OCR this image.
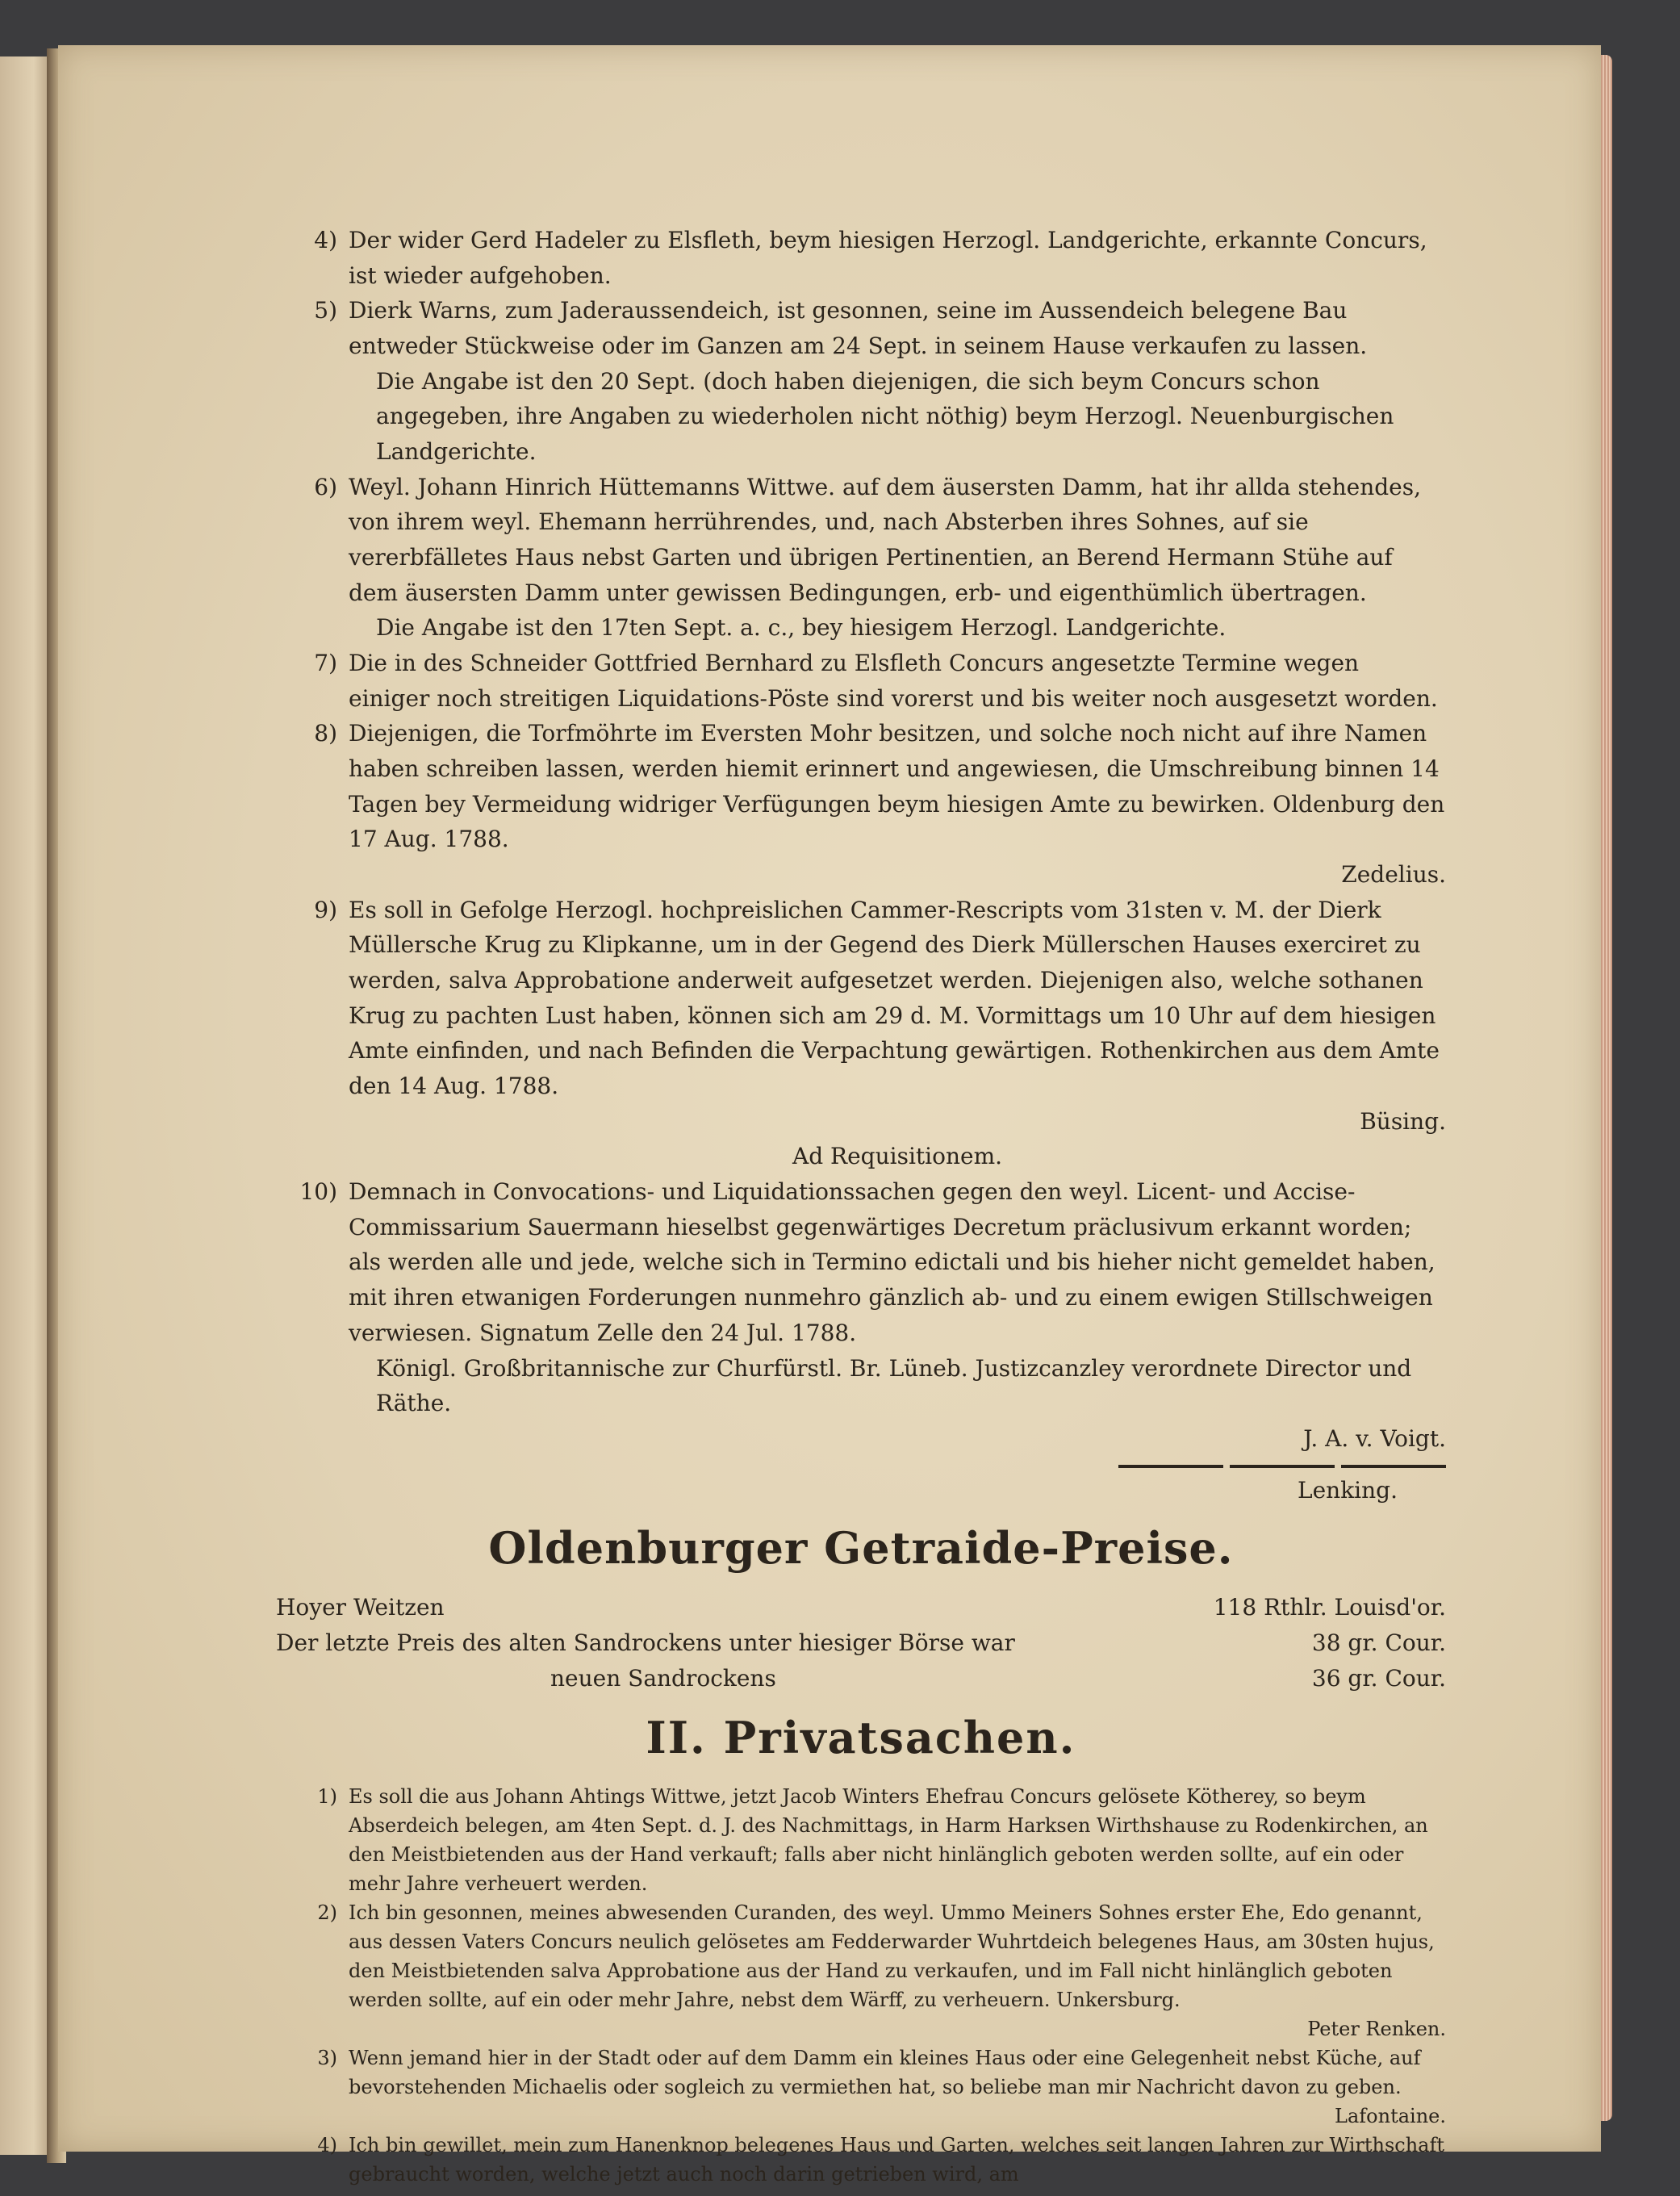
4) Der wider Gerd Hadeler zu Elsfleth, beym hiesigen Herzogl. Landgerichte, erkannte Concurs, ist wieder aufgehoben.

5) Dierk Warns, zum Jaderaussendeich, ist gesonnen, seine im Aussendeich belegene Bau entweder Stückweise oder im Ganzen am 24 Sept. in seinem Hause verkaufen zu lassen.

Die Angabe ist den 20 Sept. (doch haben diejenigen, die sich beym Concurs schon angegeben, ihre Angaben zu wiederholen nicht nöthig) beym Herzogl. Neuenburgischen Landgerichte.

6) Weyl. Johann Hinrich Hüttemanns Wittwe. auf dem äusersten Damm, hat ihr allda stehendes, von ihrem weyl. Ehemann herrührendes, und, nach Absterben ihres Sohnes, auf sie vererbfälletes Haus nebst Garten und übrigen Pertinentien, an Berend Hermann Stühe auf dem äusersten Damm unter gewissen Bedingungen, erb- und eigenthümlich übertragen.

Die Angabe ist den 17ten Sept. a. c., bey hiesigem Herzogl. Landgerichte.

7) Die in des Schneider Gottfried Bernhard zu Elsfleth Concurs angesetzte Termine wegen einiger noch streitigen Liquidations-Pöste sind vorerst und bis weiter noch ausgesetzt worden.

8) Diejenigen, die Torfmöhrte im Eversten Mohr besitzen, und solche noch nicht auf ihre Namen haben schreiben lassen, werden hiemit erinnert und angewiesen, die Umschreibung binnen 14 Tagen bey Vermeidung widriger Verfügungen beym hiesigen Amte zu bewirken. Oldenburg den 17 Aug. 1788.

Zedelius.

9) Es soll in Gefolge Herzogl. hochpreislichen Cammer-Rescripts vom 31sten v. M. der Dierk Müllersche Krug zu Klipkanne, um in der Gegend des Dierk Müllerschen Hauses exerciret zu werden, salva Approbatione anderweit aufgesetzet werden. Diejenigen also, welche sothanen Krug zu pachten Lust haben, können sich am 29 d. M. Vormittags um 10 Uhr auf dem hiesigen Amte einfinden, und nach Befinden die Verpachtung gewärtigen. Rothenkirchen aus dem Amte den 14 Aug. 1788.

Büsing.

Ad Requisitionem.

10) Demnach in Convocations- und Liquidationssachen gegen den weyl. Licent- und Accise-Commissarium Sauermann hieselbst gegenwärtiges Decretum präclusivum erkannt worden; als werden alle und jede, welche sich in Termino edictali und bis hieher nicht gemeldet haben, mit ihren etwanigen Forderungen nunmehro gänzlich ab- und zu einem ewigen Stillschweigen verwiesen. Signatum Zelle den 24 Jul. 1788.

Königl. Großbritannische zur Churfürstl. Br. Lüneb. Justizcanzley verordnete Director und Räthe.

J. A. v. Voigt.

Lenking.

Oldenburger Getraide-Preise.
Hoyer Weitzen	118 Rthlr. Louisd'or.
Der letzte Preis des alten Sandrockens unter hiesiger Börse war	38 gr. Cour.
neuen Sandrockens	36 gr. Cour.
II. Privatsachen.
1) Es soll die aus Johann Ahtings Wittwe, jetzt Jacob Winters Ehefrau Concurs gelösete Kötherey, so beym Abserdeich belegen, am 4ten Sept. d. J. des Nachmittags, in Harm Harksen Wirthshause zu Rodenkirchen, an den Meistbietenden aus der Hand verkauft; falls aber nicht hinlänglich geboten werden sollte, auf ein oder mehr Jahre verheuert werden.

2) Ich bin gesonnen, meines abwesenden Curanden, des weyl. Ummo Meiners Sohnes erster Ehe, Edo genannt, aus dessen Vaters Concurs neulich gelösetes am Fedderwarder Wuhrtdeich belegenes Haus, am 30sten hujus, den Meistbietenden salva Approbatione aus der Hand zu verkaufen, und im Fall nicht hinlänglich geboten werden sollte, auf ein oder mehr Jahre, nebst dem Wärff, zu verheuern. Unkersburg.

Peter Renken.

3) Wenn jemand hier in der Stadt oder auf dem Damm ein kleines Haus oder eine Gelegenheit nebst Küche, auf bevorstehenden Michaelis oder sogleich zu vermiethen hat, so beliebe man mir Nachricht davon zu geben.

Lafontaine.

4) Ich bin gewillet, mein zum Hanenknop belegenes Haus und Garten, welches seit langen Jahren zur Wirthschaft gebraucht worden, welche jetzt auch noch darin getrieben wird, am
